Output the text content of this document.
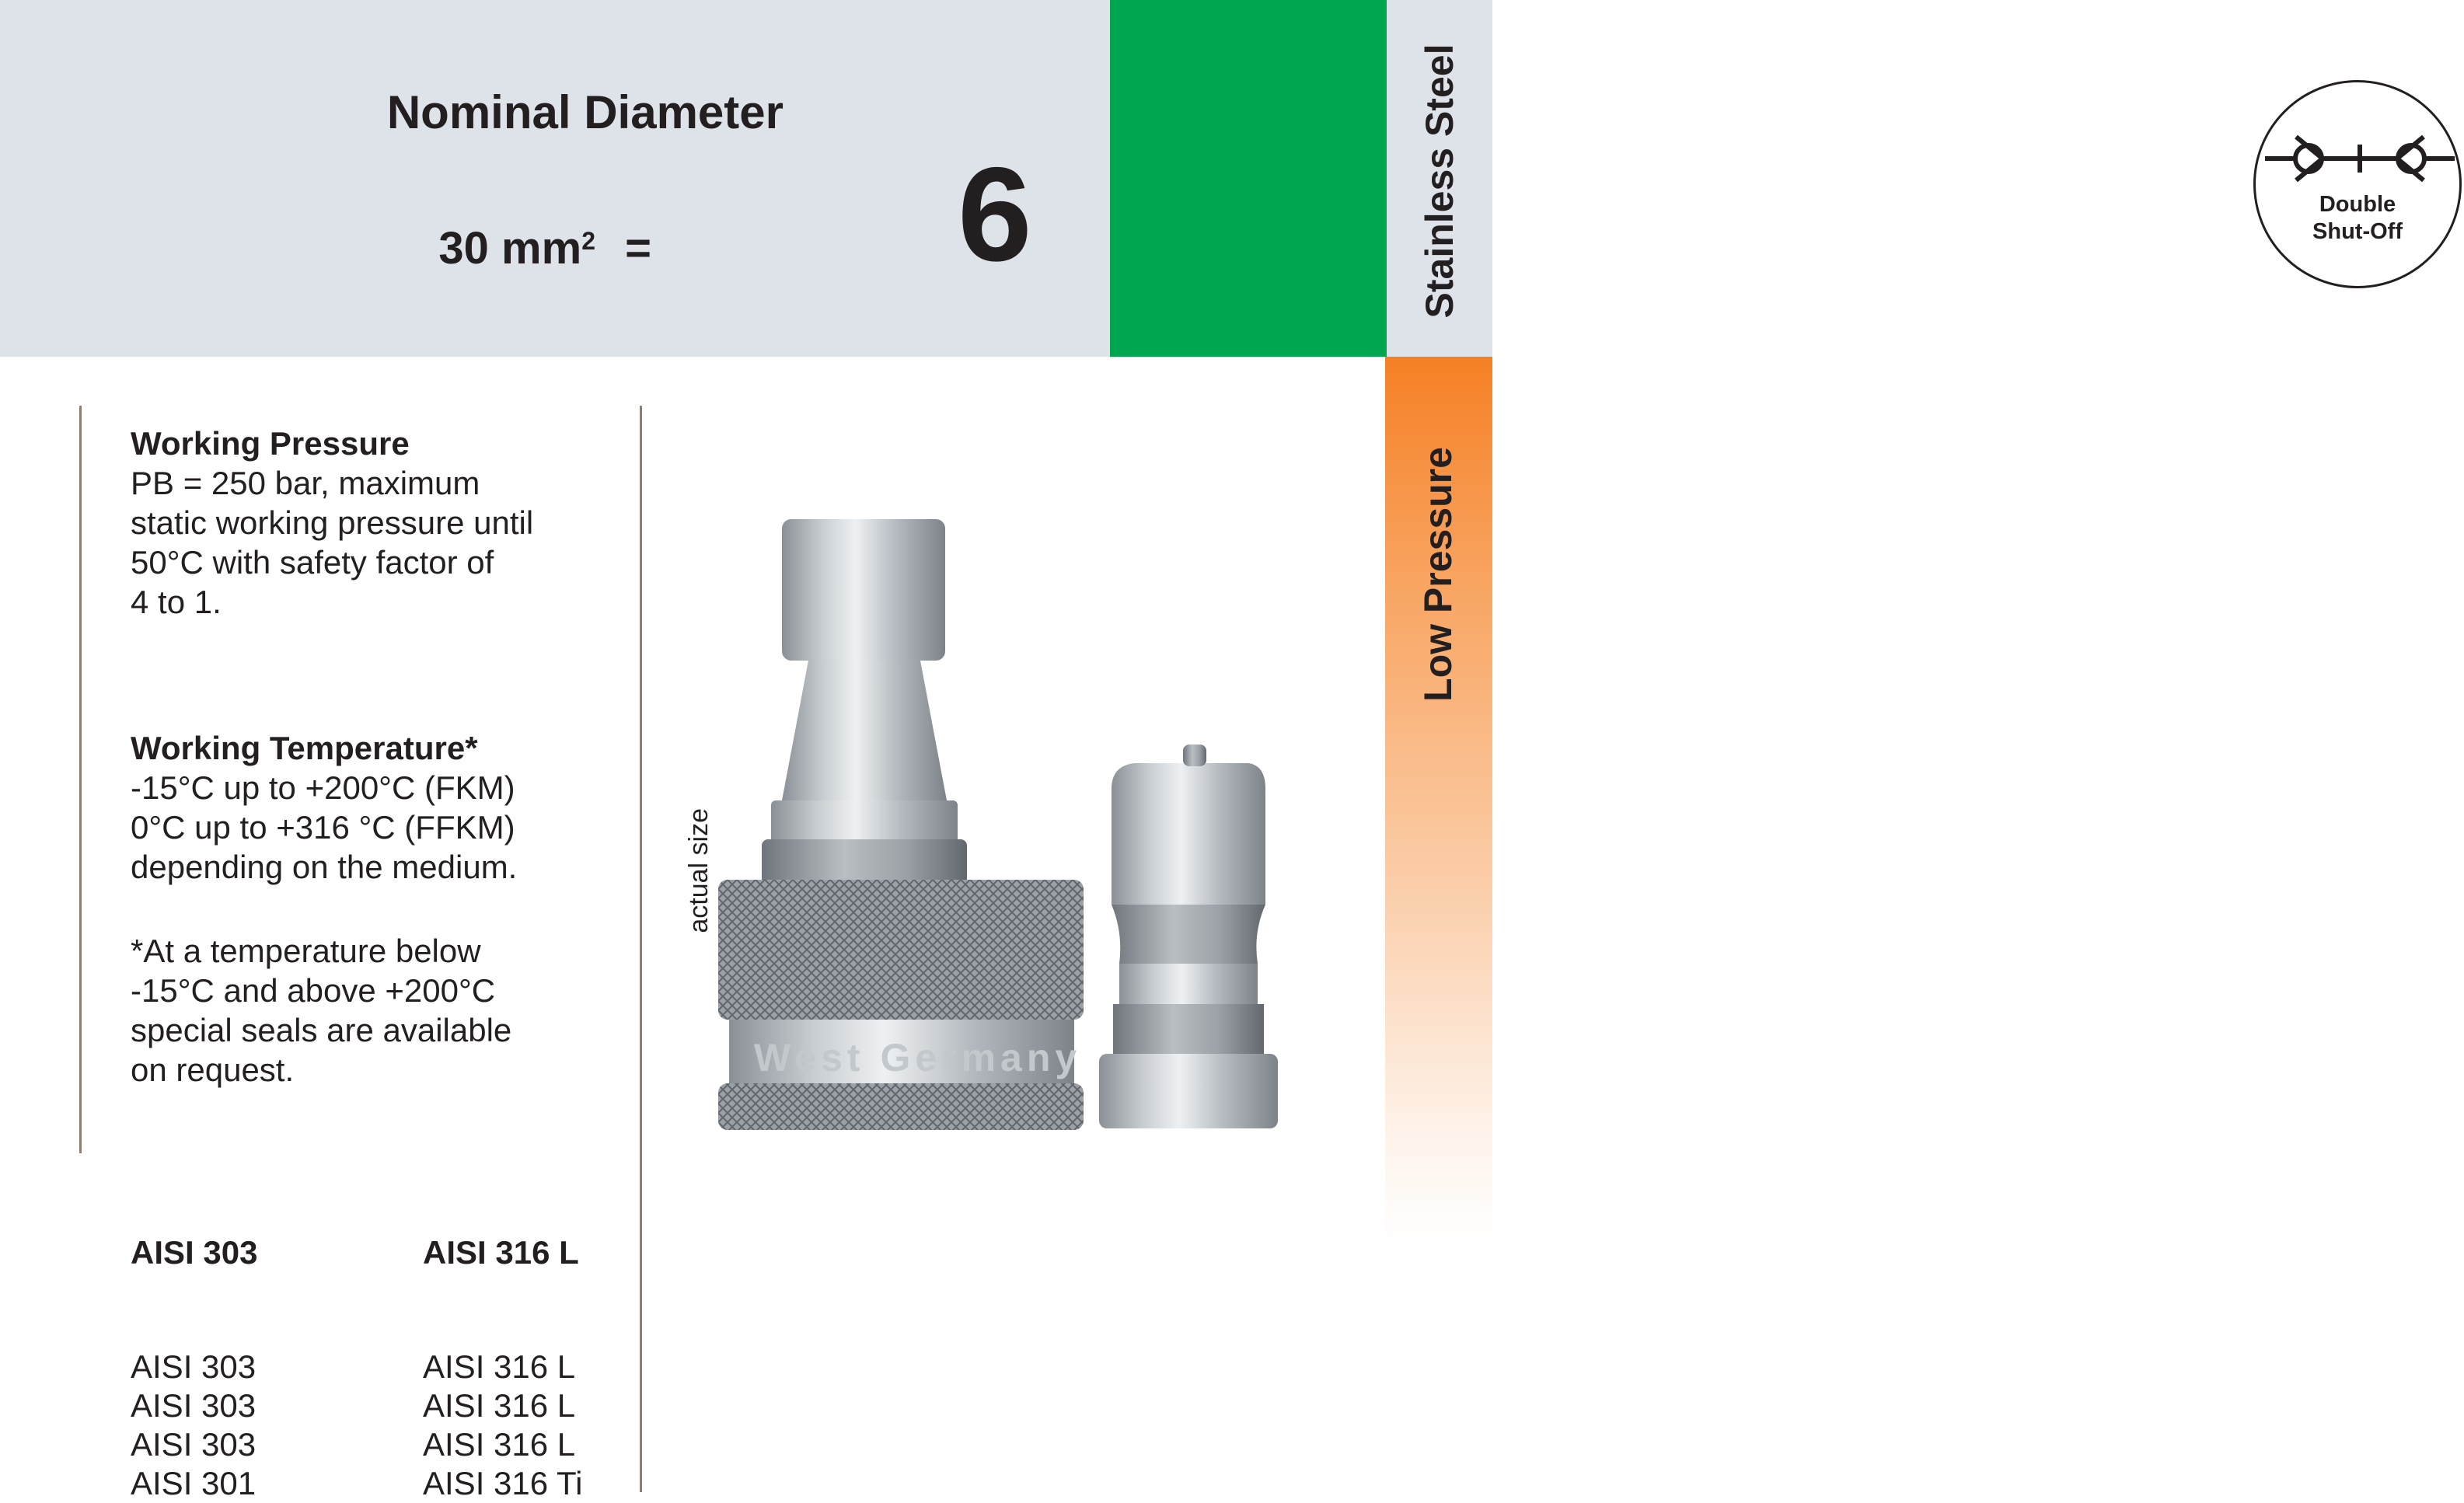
Nominal Diameter
30 $mm^2 = 6$	Double
Shut-Off
Stainless Steel
Low Pressure

Working Pressure

PB = 250 bar, maximum

static working pressure until

50°C with safety factor of

4 to 1.

Working Temperature*

-15°C up to +200°C (FKM)

0°C up to +316 °C (FFKM)

depending on the medium.

*At a temperature below

-15°C and above +200°C

special seals are available

on request.

AISI 303	AISI 316 L
AISI 303
AISI 303
AISI 303
AISI 301
AISI 316 L
AISI 316 L
AISI 316 L
AISI 316 Ti
actual size
West Germany
